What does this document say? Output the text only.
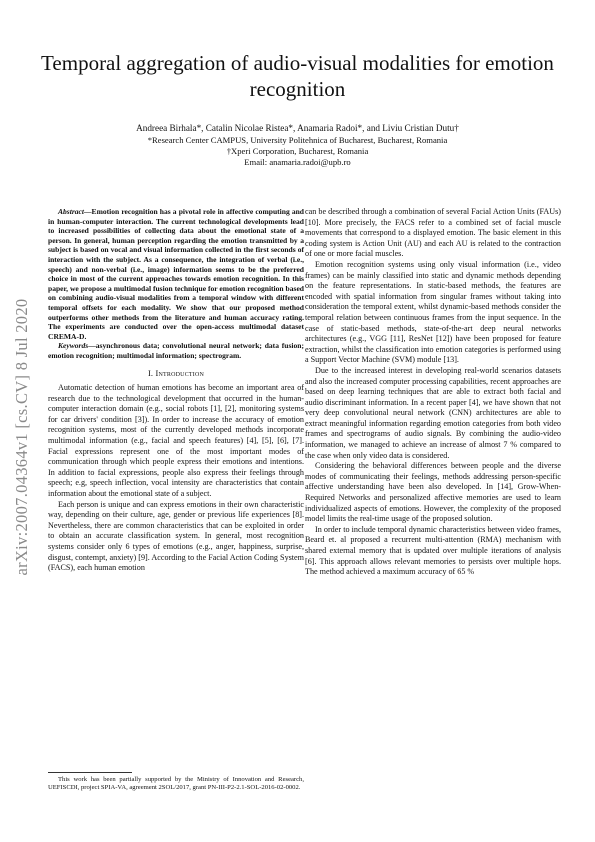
Temporal aggregation of audio-visual modalities for emotion recognition
Andreea Birhala*, Catalin Nicolae Ristea*, Anamaria Radoi*, and Liviu Cristian Dutu†
*Research Center CAMPUS, University Politehnica of Bucharest, Bucharest, Romania
†Xperi Corporation, Bucharest, Romania
Email: anamaria.radoi@upb.ro
arXiv:2007.04364v1 [cs.CV] 8 Jul 2020

Abstract—Emotion recognition has a pivotal role in affective computing and in human-computer interaction. The current technological developments lead to increased possibilities of collecting data about the emotional state of a person. In general, human perception regarding the emotion transmitted by a subject is based on vocal and visual information collected in the first seconds of interaction with the subject. As a consequence, the integration of verbal (i.e., speech) and non-verbal (i.e., image) information seems to be the preferred choice in most of the current approaches towards emotion recognition. In this paper, we propose a multimodal fusion technique for emotion recognition based on combining audio-visual modalities from a temporal window with different temporal offsets for each modality. We show that our proposed method outperforms other methods from the literature and human accuracy rating. The experiments are conducted over the open-access multimodal dataset CREMA-D.

Keywords—asynchronous data; convolutional neural network; data fusion; emotion recognition; multimodal information; spectrogram.

I. Introduction

Automatic detection of human emotions has become an important area of research due to the technological development that occurred in the human-computer interaction domain (e.g., social robots [1], [2], monitoring systems for car drivers' condition [3]). In order to increase the accuracy of emotion recognition systems, most of the currently developed methods incorporate multimodal information (e.g., facial and speech features) [4], [5], [6], [7]. Facial expressions represent one of the most important modes of communication through which people express their emotions and intentions. In addition to facial expressions, people also express their feelings through speech; e.g, speech inflection, vocal intensity are characteristics that contain information about the emotional state of a subject.

Each person is unique and can express emotions in their own characteristic way, depending on their culture, age, gender or previous life experiences [8]. Nevertheless, there are common characteristics that can be exploited in order to obtain an accurate classification system. In general, most recognition systems consider only 6 types of emotions (e.g., anger, happiness, surprise, disgust, contempt, anxiety) [9]. According to the Facial Action Coding System (FACS), each human emotion

This work has been partially supported by the Ministry of Innovation and Research, UEFISCDI, project SPIA-VA, agreement 2SOL/2017, grant PN-III-P2-2.1-SOL-2016-02-0002.

can be described through a combination of several Facial Action Units (FAUs) [10]. More precisely, the FACS refer to a combined set of facial muscle movements that correspond to a displayed emotion. The basic element in this coding system is Action Unit (AU) and each AU is related to the contraction of one or more facial muscles.

Emotion recognition systems using only visual information (i.e., video frames) can be mainly classified into static and dynamic methods depending on the feature representations. In static-based methods, the features are encoded with spatial information from singular frames without taking into consideration the temporal extent, whilst dynamic-based methods consider the temporal relation between continuous frames from the input sequence. In the case of static-based methods, state-of-the-art deep neural networks architectures (e.g., VGG [11], ResNet [12]) have been proposed for feature extraction, whilst the classification into emotion categories is performed using a Support Vector Machine (SVM) module [13].

Due to the increased interest in developing real-world scenarios datasets and also the increased computer processing capabilities, recent approaches are based on deep learning techniques that are able to extract both facial and audio discriminant information. In a recent paper [4], we have shown that not very deep convolutional neural network (CNN) architectures are able to extract meaningful information regarding emotion categories from both video frames and spectrograms of audio signals. By combining the audio-video information, we managed to achieve an increase of almost 7 % compared to the case when only video data is considered.

Considering the behavioral differences between people and the diverse modes of communicating their feelings, methods addressing person-specific affective understanding have been also developed. In [14], Grow-When-Required Networks and personalized affective memories are used to learn individualized aspects of emotions. However, the complexity of the proposed model limits the real-time usage of the proposed solution.

In order to include temporal dynamic characteristics between video frames, Beard et. al proposed a recurrent multi-attention (RMA) mechanism with shared external memory that is updated over multiple iterations of analysis [6]. This approach allows relevant memories to persists over multiple hops. The method achieved a maximum accuracy of 65 %
